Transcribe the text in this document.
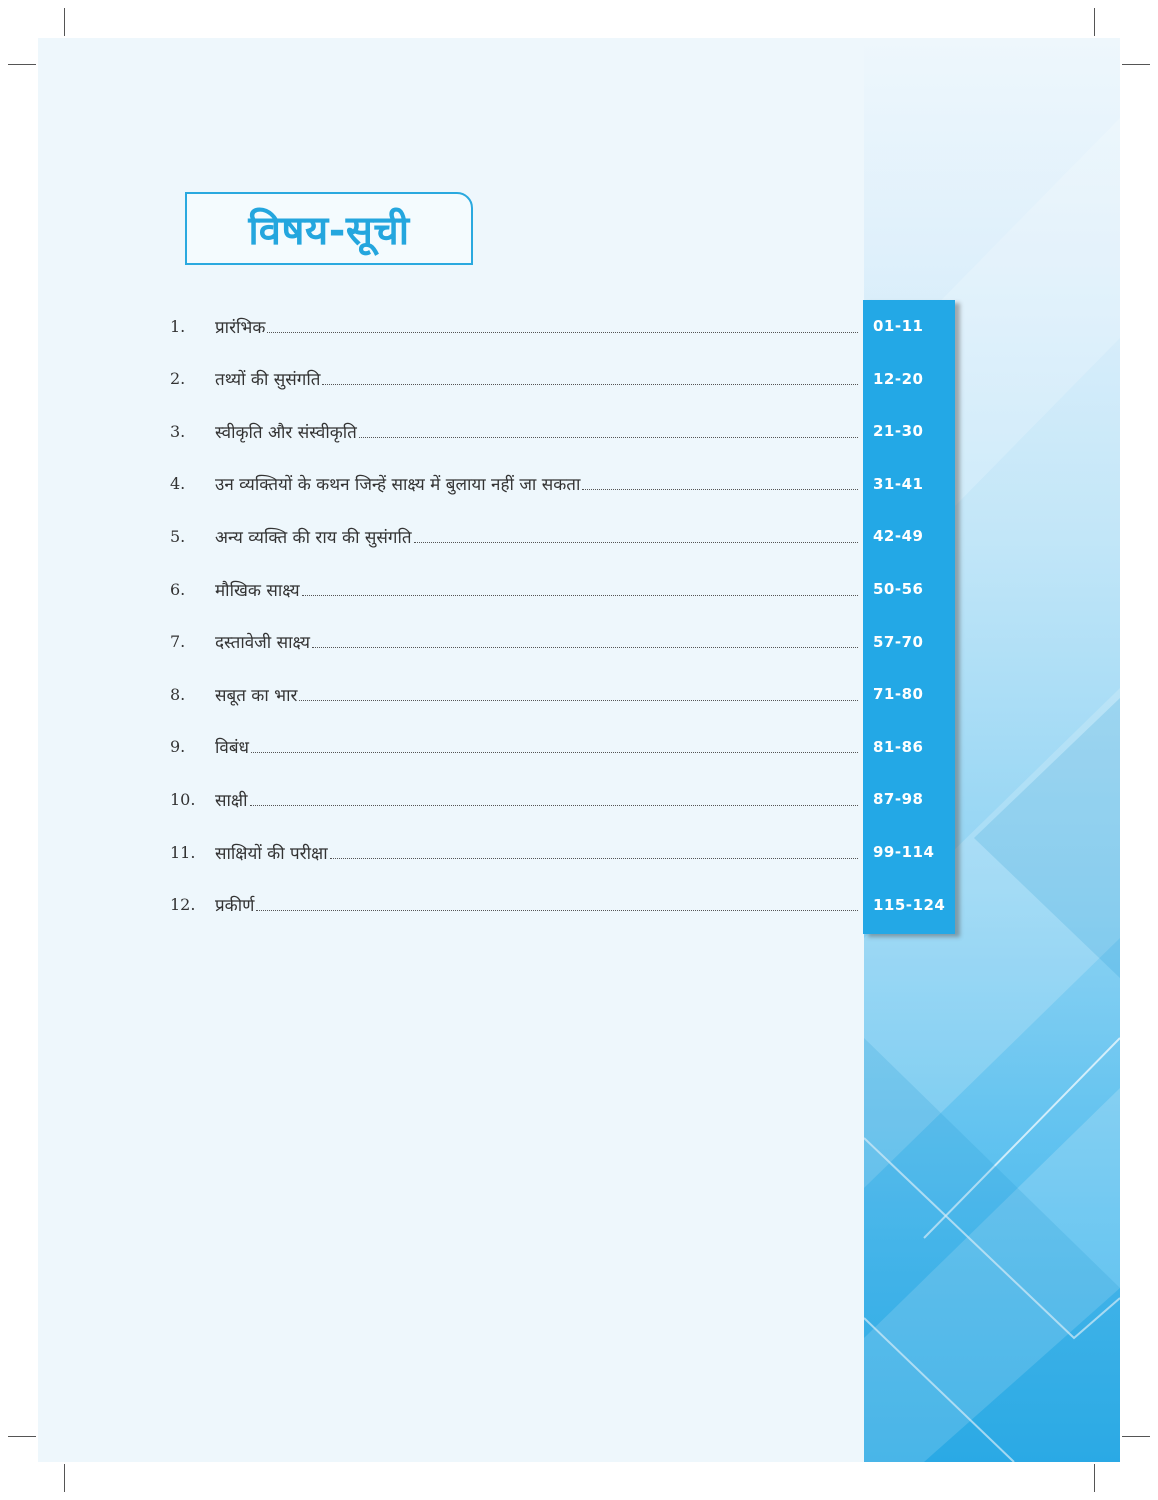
विषय-सूची
1.	प्रारंभिक	01-11
2.	तथ्यों की सुसंगति	12-20
3.	स्वीकृति और संस्वीकृति	21-30
4.	उन व्यक्तियों के कथन जिन्हें साक्ष्य में बुलाया नहीं जा सकता	31-41
5.	अन्य व्यक्ति की राय की सुसंगति	42-49
6.	मौखिक साक्ष्य	50-56
7.	दस्तावेजी साक्ष्य	57-70
8.	सबूत का भार	71-80
9.	विबंध	81-86
10.	साक्षी	87-98
11.	साक्षियों की परीक्षा	99-114
12.	प्रकीर्ण	115-124
